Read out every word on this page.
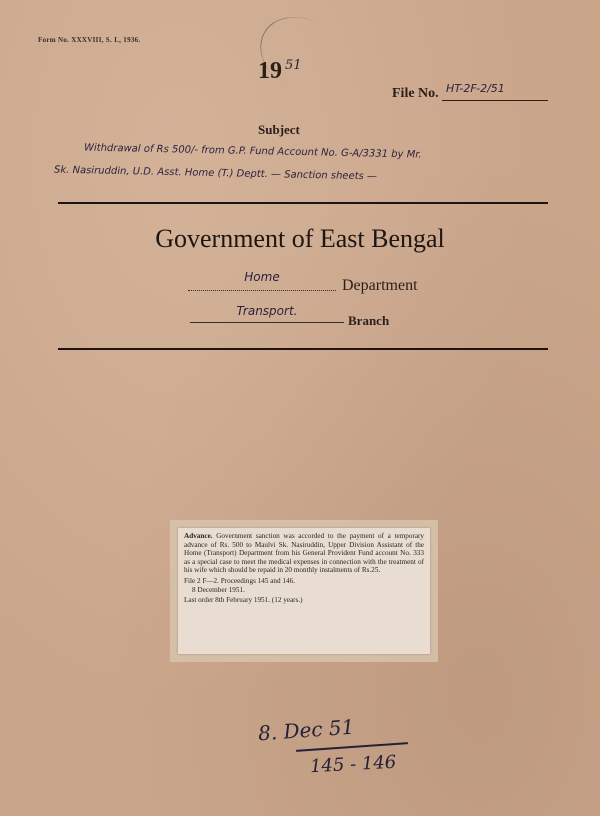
Form No. XXXVIII, S. I., 1936.
19 $^{51}$
File No. HT-2F-2/51
Subject
Withdrawal of Rs 500/- from G.P. Fund Account No. G-A/3331 by Mr.
Sk. Nasiruddin, U.D. Asst. Home (T.) Deptt. — Sanction sheets —
Government of East Bengal
Home	Department
Transport.
Branch
Advance. Government sanction was accorded to the payment of a temporary advance of Rs. 500 to Maulvi Sk. Nasiruddin, Upper Division Assistant of the Home (Transport) Department from his General Provident Fund account No. 333 as a special case to meet the medical expenses in connection with the treatment of his wife which should be repaid in 20 monthly instalments of Rs.25.
File 2 F—2. Proceedings 145 and 146.
8 December 1951.
Last order 8th February 1951. (12 years.)
8. Dec 51
145 - 146
